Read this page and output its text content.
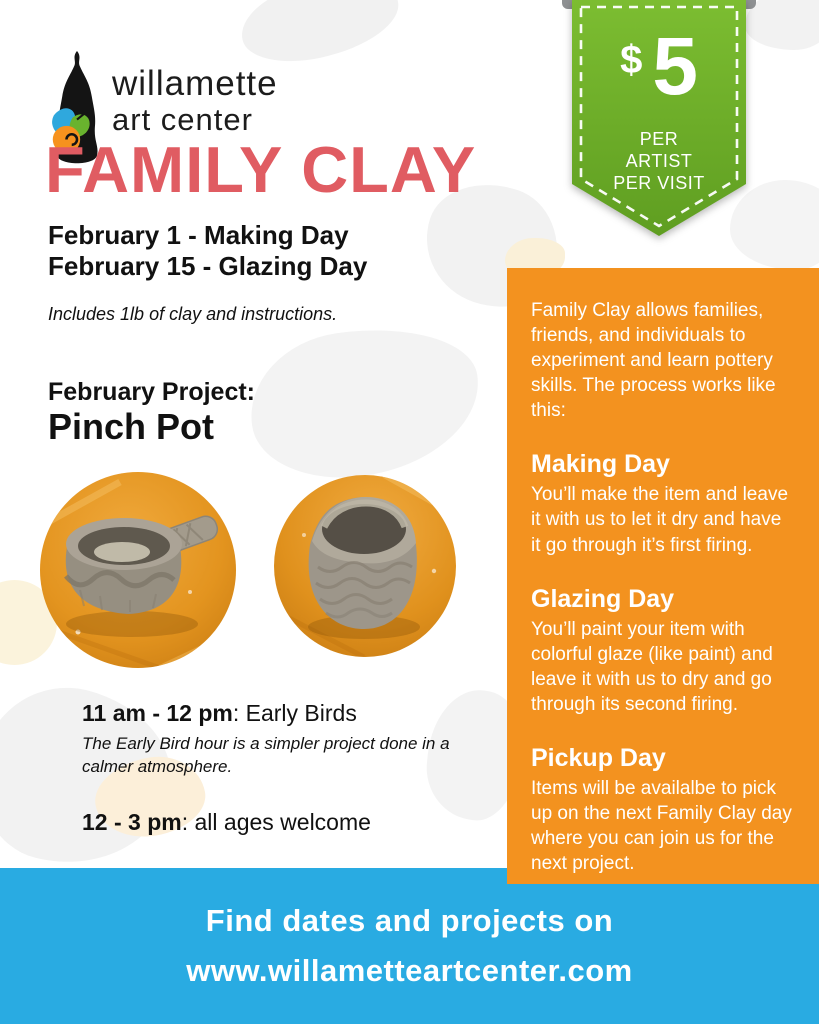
willamette
art center
$ 5
PER
ARTIST
PER VISIT
FAMILY CLAY
February 1 - Making Day
February 15 - Glazing Day
Includes 1lb of clay and instructions.
February Project:
Pinch Pot
11 am - 12 pm: Early Birds
The Early Bird hour is a simpler project done in a calmer atmosphere.
12 - 3 pm: all ages welcome
Family Clay allows families, friends, and individuals to experiment and learn pottery skills. The process works like this:
Making Day
You’ll make the item and leave it with us to let it dry and have it go through it’s first firing.
Glazing Day
You’ll paint your item with colorful glaze (like paint) and leave it with us to dry and go through its second firing.
Pickup Day
Items will be availalbe to pick up on the next Family Clay day where you can join us for the next project.
Find dates and projects on
www.willametteartcenter.com
